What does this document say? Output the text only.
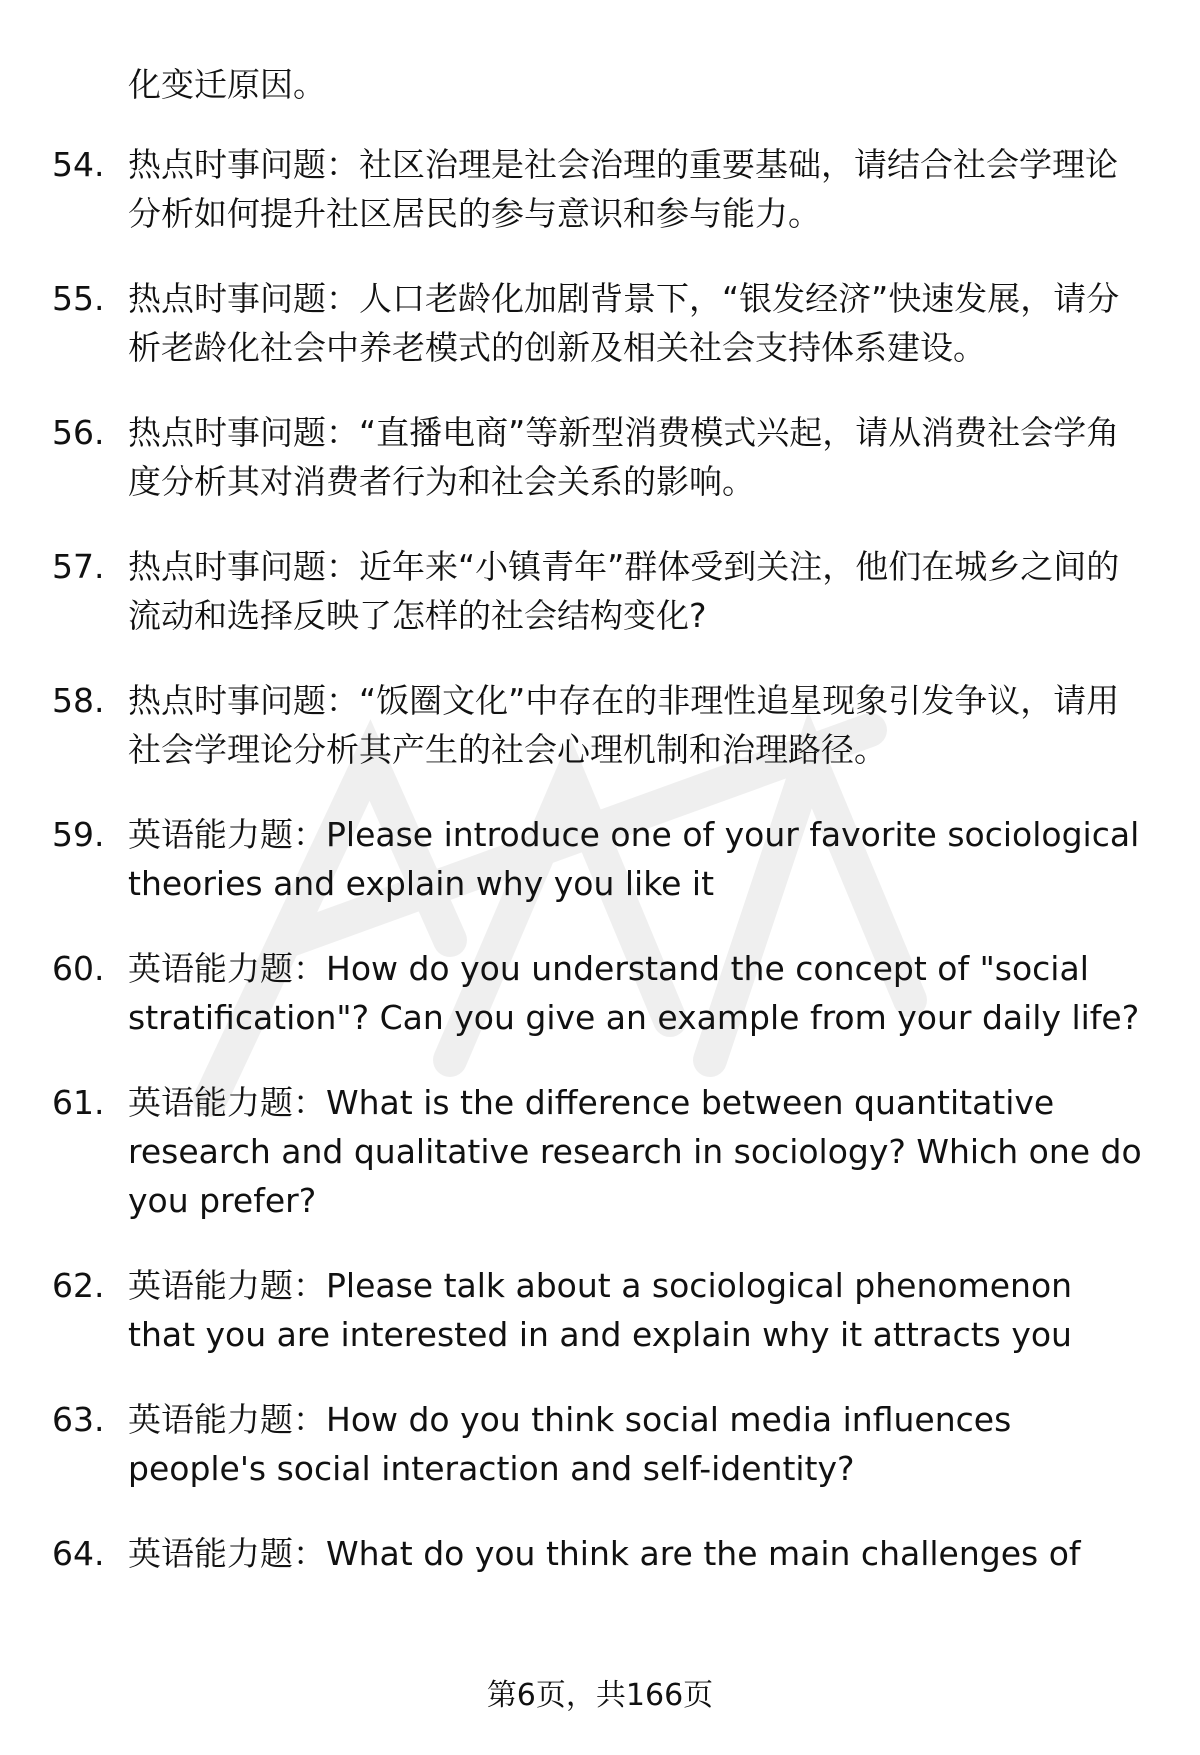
化变迁原因。

54. 热点时事问题：社区治理是社会治理的重要基础，请结合社会学理论分析如何提升社区居民的参与意识和参与能力。
55. 热点时事问题：人口老龄化加剧背景下，“银发经济”快速发展，请分析老龄化社会中养老模式的创新及相关社会支持体系建设。
56. 热点时事问题：“直播电商”等新型消费模式兴起，请从消费社会学角度分析其对消费者行为和社会关系的影响。
57. 热点时事问题：近年来“小镇青年”群体受到关注，他们在城乡之间的流动和选择反映了怎样的社会结构变化?
58. 热点时事问题：“饭圈文化”中存在的非理性追星现象引发争议，请用社会学理论分析其产生的社会心理机制和治理路径。
59. 英语能力题：Please introduce one of your favorite sociological theories and explain why you like it
60. 英语能力题：How do you understand the concept of "social stratification"? Can you give an example from your daily life?
61. 英语能力题：What is the difference between quantitative research and qualitative research in sociology? Which one do you prefer?
62. 英语能力题：Please talk about a sociological phenomenon that you are interested in and explain why it attracts you
63. 英语能力题：How do you think social media influences people's social interaction and self-identity?
64. 英语能力题：What do you think are the main challenges of
第6页，共166页
